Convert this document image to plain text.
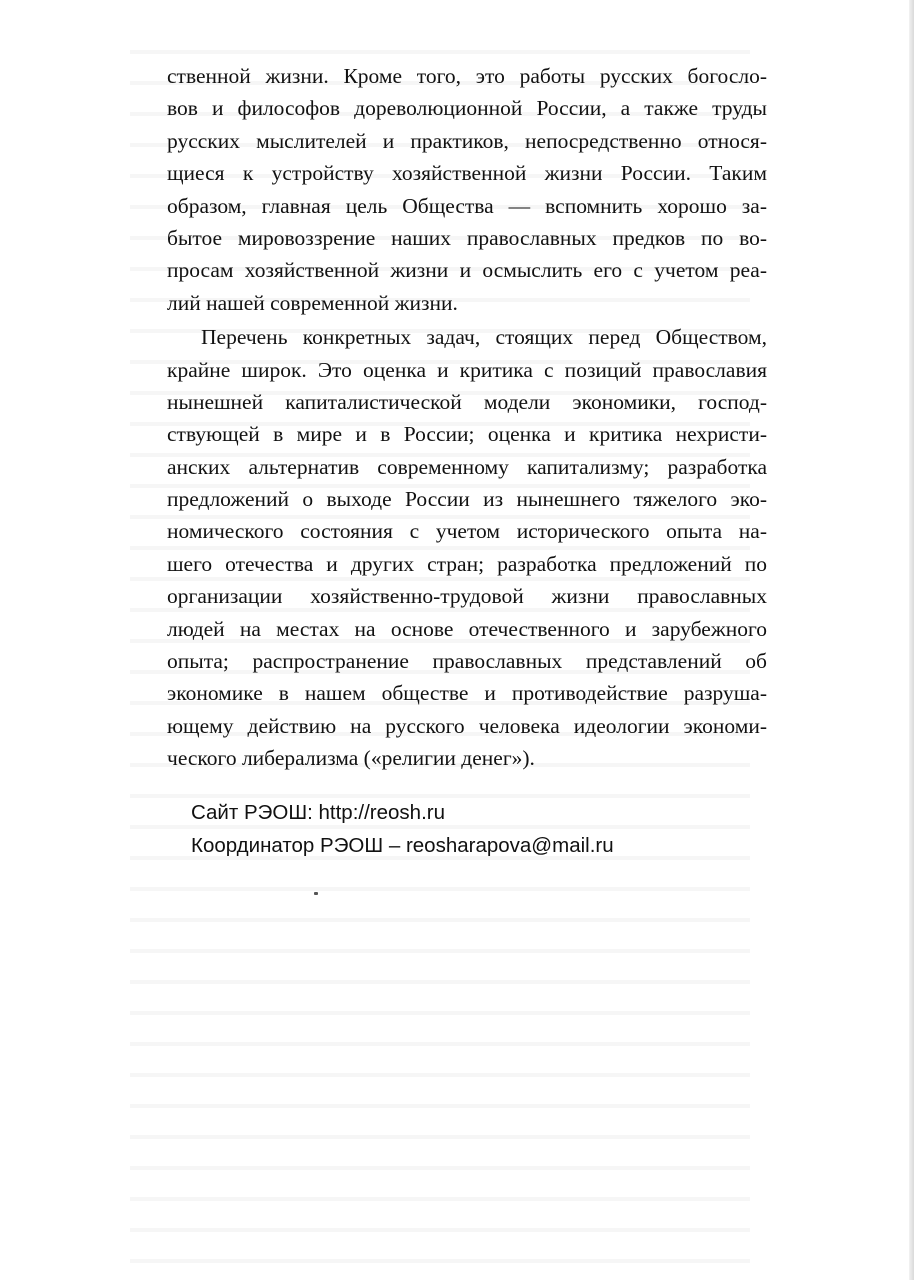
ственной жизни. Кроме того, это работы русских богосло-
вов и философов дореволюционной России, а также труды
русских мыслителей и практиков, непосредственно относя-
щиеся к устройству хозяйственной жизни России. Таким
образом, главная цель Общества — вспомнить хорошо за-
бытое мировоззрение наших православных предков по во-
просам хозяйственной жизни и осмыслить его с учетом реа-
лий нашей современной жизни.
Перечень конкретных задач, стоящих перед Обществом,
крайне широк. Это оценка и критика с позиций православия
нынешней капиталистической модели экономики, господ-
ствующей в мире и в России; оценка и критика нехристи-
анских альтернатив современному капитализму; разработка
предложений о выходе России из нынешнего тяжелого эко-
номического состояния с учетом исторического опыта на-
шего отечества и других стран; разработка предложений по
организации хозяйственно-трудовой жизни православных
людей на местах на основе отечественного и зарубежного
опыта; распространение православных представлений об
экономике в нашем обществе и противодействие разруша-
ющему действию на русского человека идеологии экономи-
ческого либерализма («религии денег»).
Сайт РЭОШ: http://reosh.ru
Координатор РЭОШ – reosharapova@mail.ru
